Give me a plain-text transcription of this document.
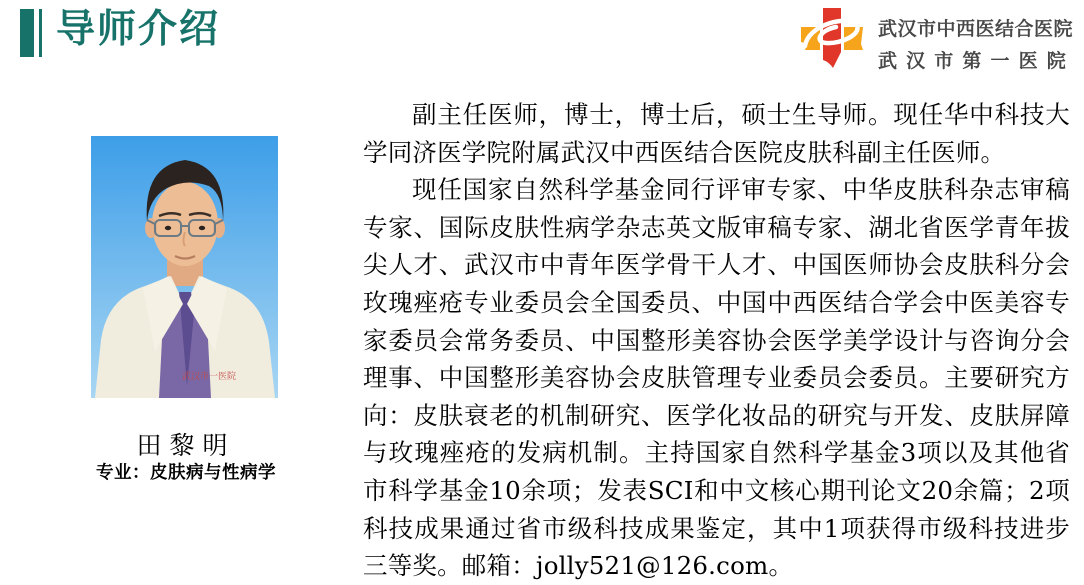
导师介绍	武汉市中西医结合医院
武汉市第一医院
武汉市一医院
田黎明
专业：皮肤病与性病学

副主任医师，博士，博士后，硕士生导师。现任华中科技大学同济医学院附属武汉中西医结合医院皮肤科副主任医师。

现任国家自然科学基金同行评审专家、中华皮肤科杂志审稿专家、国际皮肤性病学杂志英文版审稿专家、湖北省医学青年拔尖人才、武汉市中青年医学骨干人才、中国医师协会皮肤科分会玫瑰痤疮专业委员会全国委员、中国中西医结合学会中医美容专家委员会常务委员、中国整形美容协会医学美学设计与咨询分会理事、中国整形美容协会皮肤管理专业委员会委员。主要研究方向：皮肤衰老的机制研究、医学化妆品的研究与开发、皮肤屏障与玫瑰痤疮的发病机制。主持国家自然科学基金3项以及其他省市科学基金10余项；发表SCI和中文核心期刊论文20余篇；2项科技成果通过省市级科技成果鉴定，其中1项获得市级科技进步三等奖。邮箱：jolly521@126.com。
